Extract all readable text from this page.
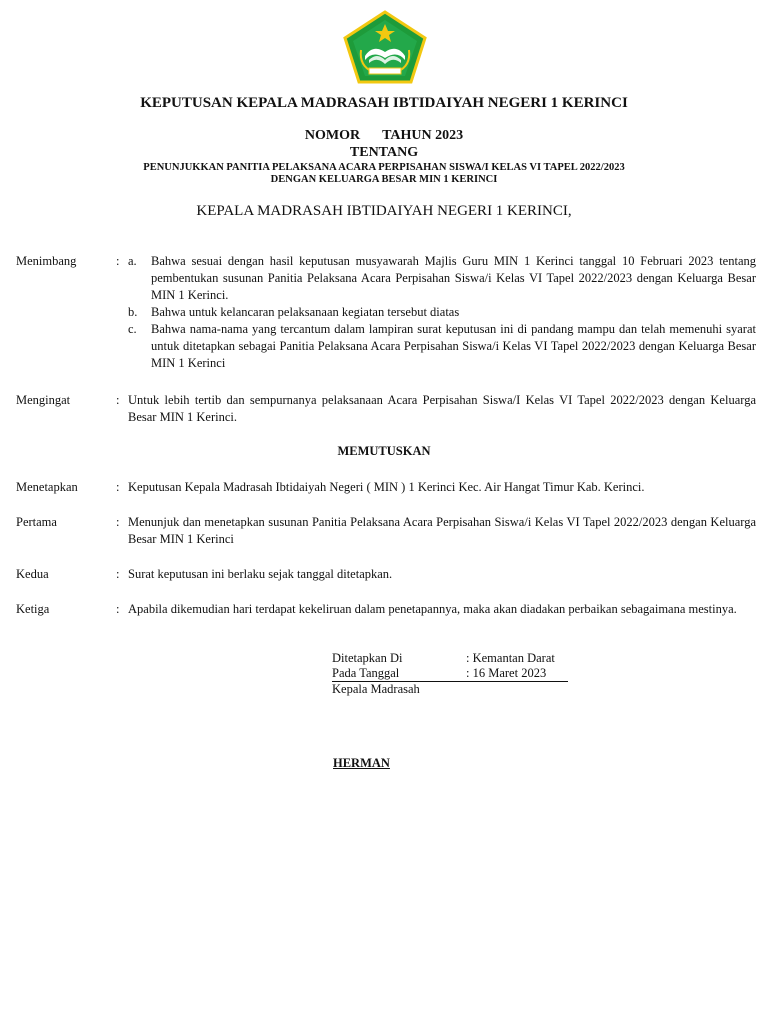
KEPUTUSAN KEPALA MADRASAH IBTIDAIYAH NEGERI 1 KERINCI
NOMOR TAHUN 2023
TENTANG
PENUNJUKKAN PANITIA PELAKSANA ACARA PERPISAHAN SISWA/I KELAS VI TAPEL 2022/2023
DENGAN KELUARGA BESAR MIN 1 KERINCI
KEPALA MADRASAH IBTIDAIYAH NEGERI 1 KERINCI,
Menimbang	: a. Bahwa sesuai dengan hasil keputusan musyawarah Majlis Guru MIN 1 Kerinci tanggal 10 Februari 2023 tentang pembentukan susunan Panitia Pelaksana Acara Perpisahan Siswa/i Kelas VI Tapel 2022/2023 dengan Keluarga Besar MIN 1 Kerinci.
b. Bahwa untuk kelancaran pelaksanaan kegiatan tersebut diatas
c. Bahwa nama-nama yang tercantum dalam lampiran surat keputusan ini di pandang mampu dan telah memenuhi syarat untuk ditetapkan sebagai Panitia Pelaksana Acara Perpisahan Siswa/i Kelas VI Tapel 2022/2023 dengan Keluarga Besar MIN 1 Kerinci
Mengingat	: Untuk lebih tertib dan sempurnanya pelaksanaan Acara Perpisahan Siswa/I Kelas VI Tapel 2022/2023 dengan Keluarga Besar MIN 1 Kerinci.
MEMUTUSKAN
Menetapkan	: Keputusan Kepala Madrasah Ibtidaiyah Negeri ( MIN ) 1 Kerinci Kec. Air Hangat Timur Kab. Kerinci.
Pertama	: Menunjuk dan menetapkan susunan Panitia Pelaksana Acara Perpisahan Siswa/i Kelas VI Tapel 2022/2023 dengan Keluarga Besar MIN 1 Kerinci
Kedua	: Surat keputusan ini berlaku sejak tanggal ditetapkan.
Ketiga	: Apabila dikemudian hari terdapat kekeliruan dalam penetapannya, maka akan diadakan perbaikan sebagaimana mestinya.
Ditetapkan Di	: Kemantan Darat
Pada Tanggal	: 16 Maret 2023
Kepala Madrasah
HERMAN
